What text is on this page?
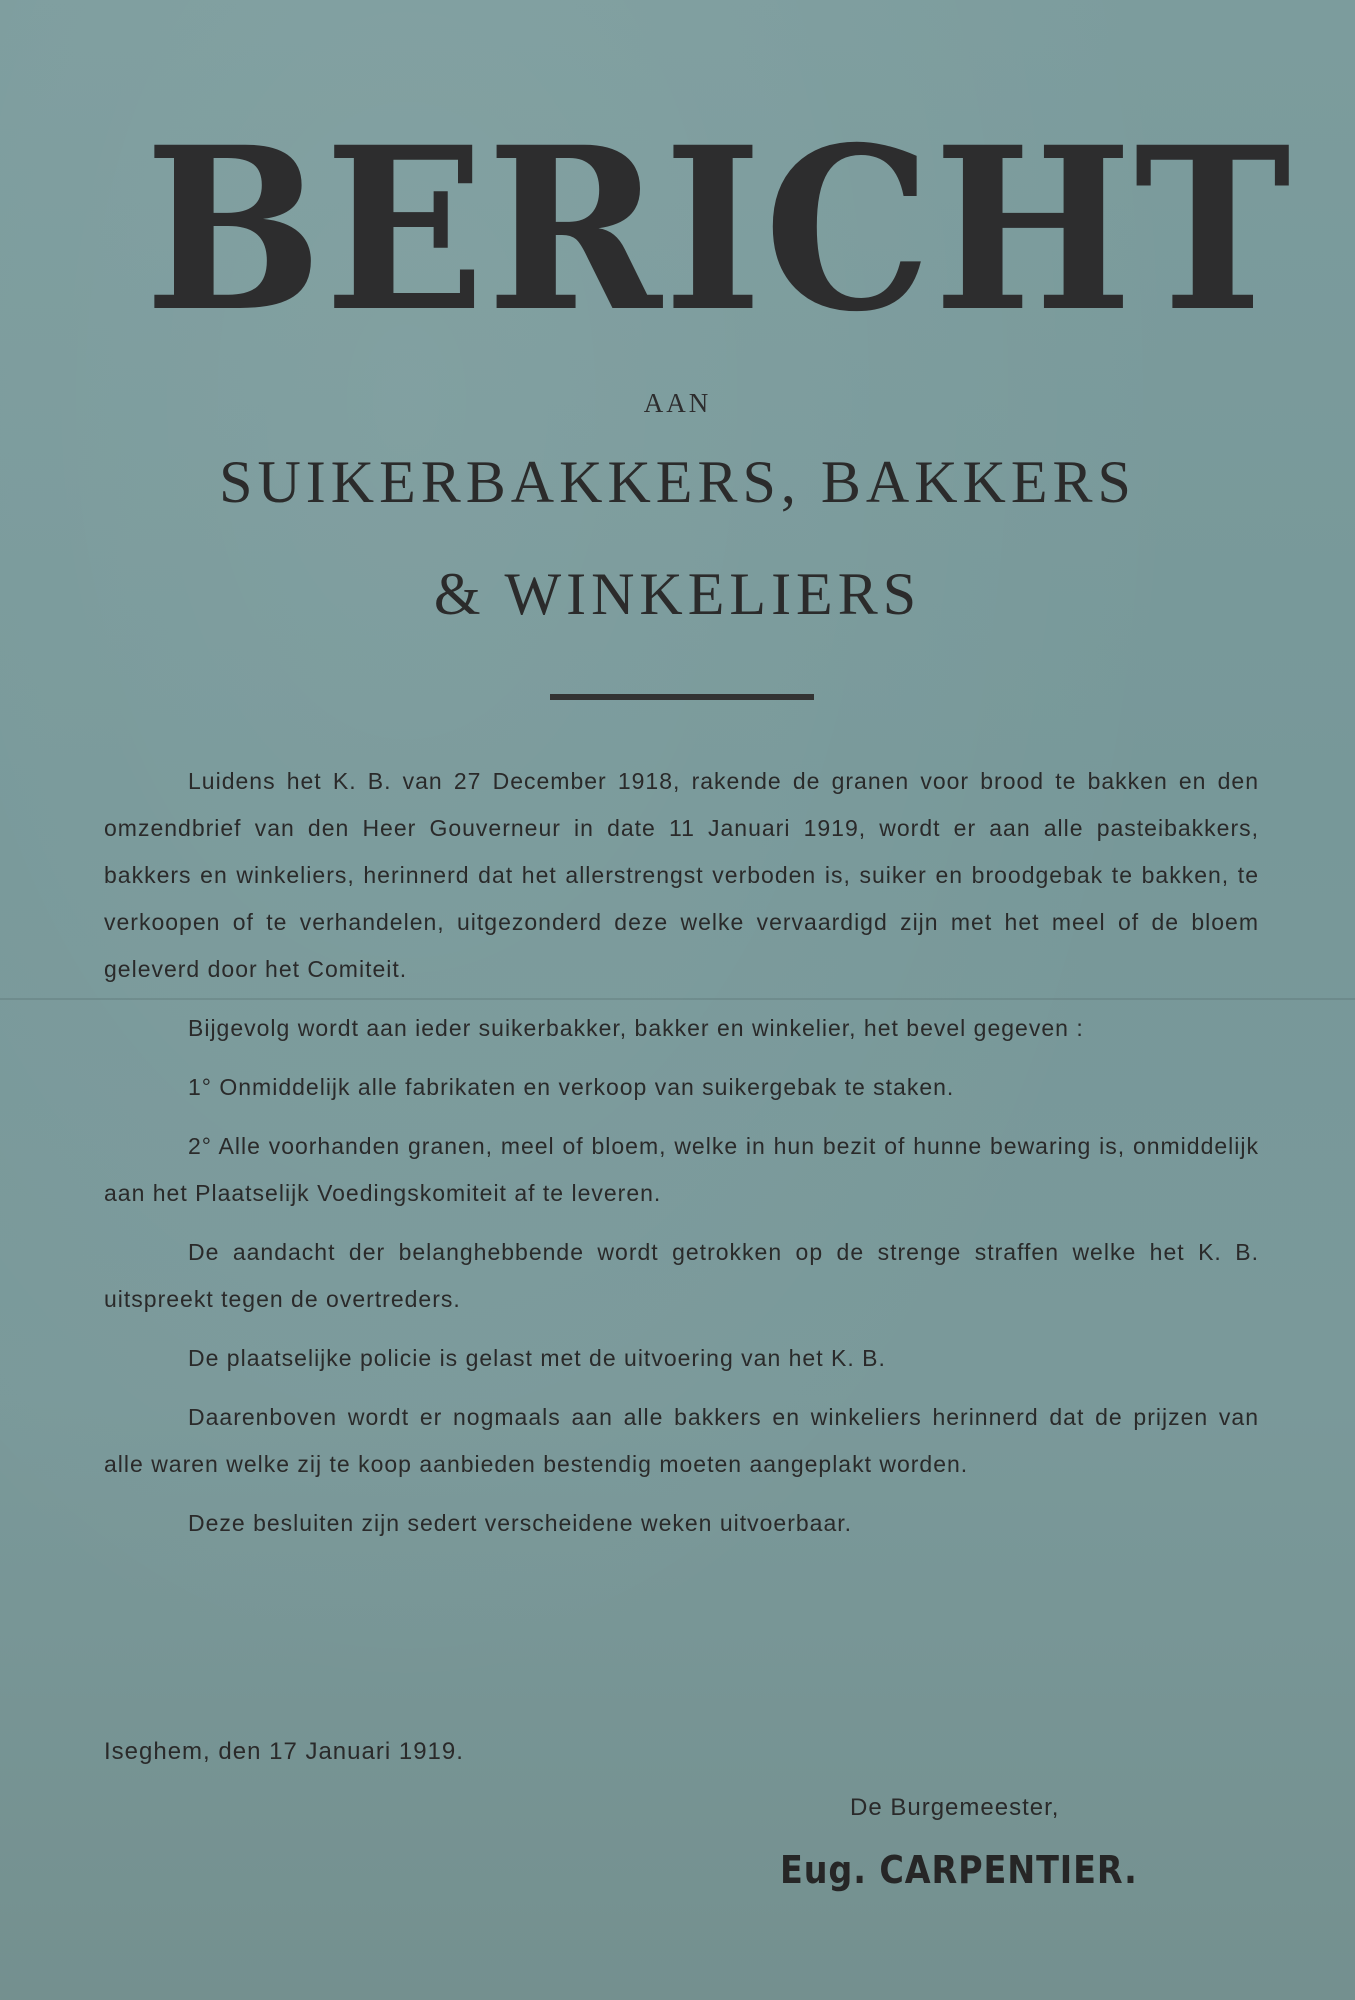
BERICHT
AAN
SUIKERBAKKERS, BAKKERS
& WINKELIERS

Luidens het K. B. van 27 December 1918, rakende de granen voor brood te bakken en den omzendbrief van den Heer Gouverneur in date 11 Januari 1919, wordt er aan alle pasteibakkers, bakkers en winkeliers, herinnerd dat het allerstrengst verboden is, suiker en broodgebak te bakken, te verkoopen of te verhandelen, uitgezonderd deze welke vervaardigd zijn met het meel of de bloem geleverd door het Comiteit.

Bijgevolg wordt aan ieder suikerbakker, bakker en winkelier, het bevel gegeven :

1° Onmiddelijk alle fabrikaten en verkoop van suikergebak te staken.

2° Alle voorhanden granen, meel of bloem, welke in hun bezit of hunne bewaring is, onmiddelijk aan het Plaatselijk Voedingskomiteit af te leveren.

De aandacht der belanghebbende wordt getrokken op de strenge straffen welke het K. B. uitspreekt tegen de overtreders.

De plaatselijke policie is gelast met de uitvoering van het K. B.

Daarenboven wordt er nogmaals aan alle bakkers en winkeliers herinnerd dat de prijzen van alle waren welke zij te koop aanbieden bestendig moeten aangeplakt worden.

Deze besluiten zijn sedert verscheidene weken uitvoerbaar.

Iseghem, den 17 Januari 1919.
De Burgemeester,
Eug. CARPENTIER.
